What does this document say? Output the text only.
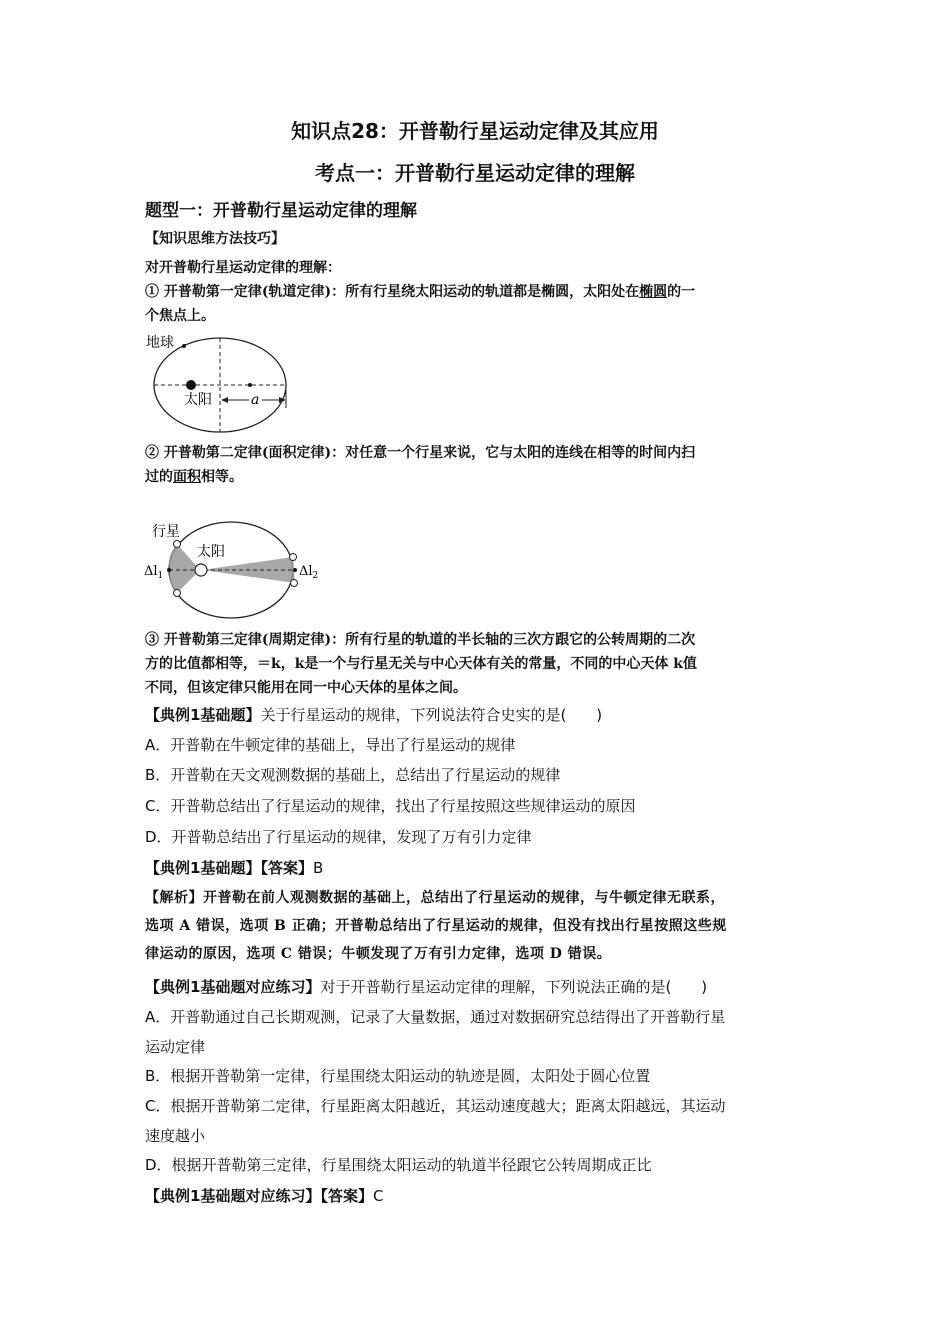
知识点28：开普勒行星运动定律及其应用
考点一：开普勒行星运动定律的理解
题型一：开普勒行星运动定律的理解
【知识思维方法技巧】
对开普勒行星运动定律的理解：
① 开普勒第一定律(轨道定律)：所有行星绕太阳运动的轨道都是椭圆，太阳处在椭圆的一
个焦点上。
地球
太阳	a
② 开普勒第二定律(面积定律)：对任意一个行星来说，它与太阳的连线在相等的时间内扫
过的面积相等。
行星
太阳
$\Delta l_1$	$\Delta l_2$
③ 开普勒第三定律(周期定律)：所有行星的轨道的半长轴的三次方跟它的公转周期的二次
方的比值都相等，＝k，k是一个与行星无关与中心天体有关的常量，不同的中心天体 k值
不同，但该定律只能用在同一中心天体的星体之间。
【典例1基础题】关于行星运动的规律，下列说法符合史实的是(　　)
A．开普勒在牛顿定律的基础上，导出了行星运动的规律
B．开普勒在天文观测数据的基础上，总结出了行星运动的规律
C．开普勒总结出了行星运动的规律，找出了行星按照这些规律运动的原因
D．开普勒总结出了行星运动的规律，发现了万有引力定律
【典例1基础题】【答案】B
【解析】开普勒在前人观测数据的基础上，总结出了行星运动的规律，与牛顿定律无联系，
选项 A 错误，选项 B 正确；开普勒总结出了行星运动的规律，但没有找出行星按照这些规
律运动的原因，选项 C 错误；牛顿发现了万有引力定律，选项 D 错误。
【典例1基础题对应练习】对于开普勒行星运动定律的理解，下列说法正确的是(　　)
A．开普勒通过自己长期观测，记录了大量数据，通过对数据研究总结得出了开普勒行星
运动定律
B．根据开普勒第一定律，行星围绕太阳运动的轨迹是圆，太阳处于圆心位置
C．根据开普勒第二定律，行星距离太阳越近，其运动速度越大；距离太阳越远，其运动
速度越小
D．根据开普勒第三定律，行星围绕太阳运动的轨道半径跟它公转周期成正比
【典例1基础题对应练习】【答案】C
